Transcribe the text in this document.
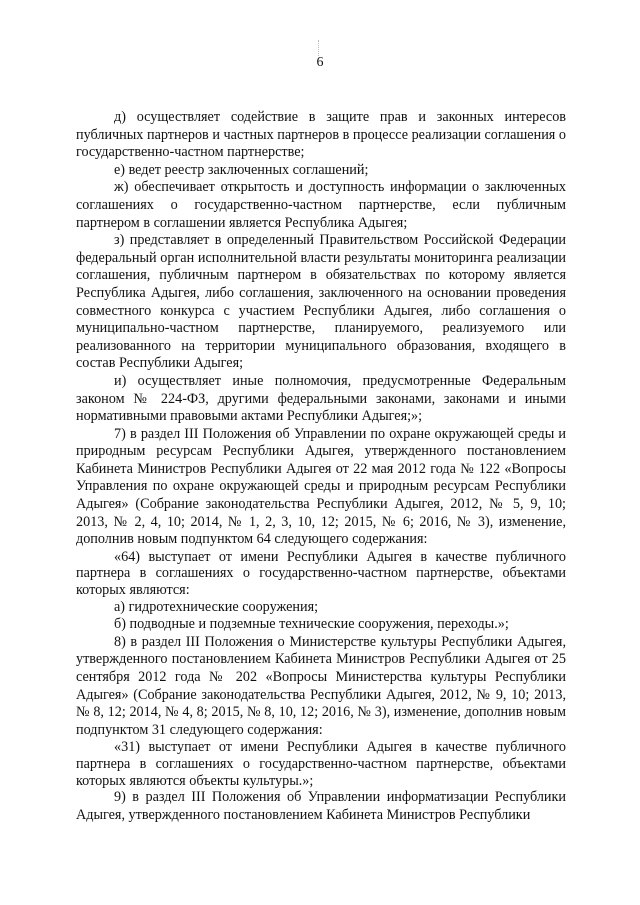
6

д) осуществляет содействие в защите прав и законных интересов публичных партнеров и частных партнеров в процессе реализации соглашения о государственно-частном партнерстве;

е) ведет реестр заключенных соглашений;

ж) обеспечивает открытость и доступность информации о заключенных соглашениях о государственно-частном партнерстве, если публичным партнером в соглашении является Республика Адыгея;

з) представляет в определенный Правительством Российской Федерации федеральный орган исполнительной власти результаты мониторинга реализации соглашения, публичным партнером в обязательствах по которому является Республика Адыгея, либо соглашения, заключенного на основании проведения совместного конкурса с участием Республики Адыгея, либо соглашения о муниципально-частном партнерстве, планируемого, реализуемого или реализованного на территории муниципального образования, входящего в состав Республики Адыгея;

и) осуществляет иные полномочия, предусмотренные Федеральным законом № 224-ФЗ, другими федеральными законами, законами и иными нормативными правовыми актами Республики Адыгея;»;

7) в раздел III Положения об Управлении по охране окружающей среды и природным ресурсам Республики Адыгея, утвержденного постановлением Кабинета Министров Республики Адыгея от 22 мая 2012 года № 122 «Вопросы Управления по охране окружающей среды и природным ресурсам Республики Адыгея» (Собрание законодательства Республики Адыгея, 2012, № 5, 9, 10; 2013, № 2, 4, 10; 2014, № 1, 2, 3, 10, 12; 2015, № 6; 2016, № 3), изменение, дополнив новым подпунктом 64 следующего содержания:

«64) выступает от имени Республики Адыгея в качестве публичного партнера в соглашениях о государственно-частном партнерстве, объектами которых являются:

а) гидротехнические сооружения;

б) подводные и подземные технические сооружения, переходы.»;

8) в раздел III Положения о Министерстве культуры Республики Адыгея, утвержденного постановлением Кабинета Министров Республики Адыгея от 25 сентября 2012 года № 202 «Вопросы Министерства культуры Республики Адыгея» (Собрание законодательства Республики Адыгея, 2012, № 9, 10; 2013, № 8, 12; 2014, № 4, 8; 2015, № 8, 10, 12; 2016, № 3), изменение, дополнив новым подпунктом 31 следующего содержания:

«31) выступает от имени Республики Адыгея в качестве публичного партнера в соглашениях о государственно-частном партнерстве, объектами которых являются объекты культуры.»;

9) в раздел III Положения об Управлении информатизации Республики Адыгея, утвержденного постановлением Кабинета Министров Республики
